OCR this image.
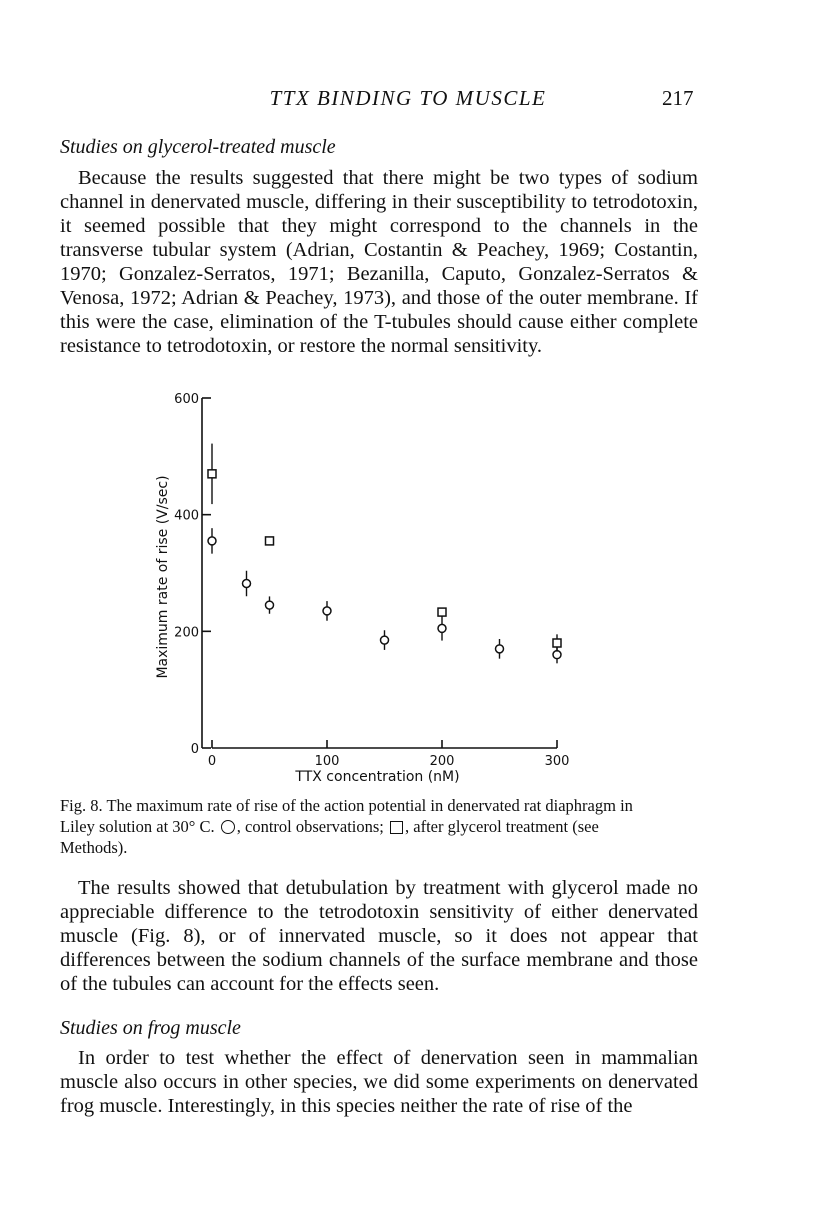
TTX BINDING TO MUSCLE	217
Studies on glycerol-treated muscle

Because the results suggested that there might be two types of sodium channel in denervated muscle, differing in their susceptibility to tetrodotoxin, it seemed possible that they might correspond to the channels in the transverse tubular system (Adrian, Costantin & Peachey, 1969; Costantin, 1970; Gonzalez-Serratos, 1971; Bezanilla, Caputo, Gonzalez-Serratos & Venosa, 1972; Adrian & Peachey, 1973), and those of the outer membrane. If this were the case, elimination of the T-tubules should cause either complete resistance to tetrodotoxin, or restore the normal sensitivity.

0
200
400
600
0	100	200	300
TTX concentration (nM)
Maximum rate of rise (V/sec)

Fig. 8. The maximum rate of rise of the action potential in denervated rat diaphragm in Liley solution at 30° C. , control observations; , after glycerol treatment (see Methods).

The results showed that detubulation by treatment with glycerol made no appreciable difference to the tetrodotoxin sensitivity of either denervated muscle (Fig. 8), or of innervated muscle, so it does not appear that differences between the sodium channels of the surface membrane and those of the tubules can account for the effects seen.

Studies on frog muscle

In order to test whether the effect of denervation seen in mammalian muscle also occurs in other species, we did some experiments on denervated frog muscle. Interestingly, in this species neither the rate of rise of the
